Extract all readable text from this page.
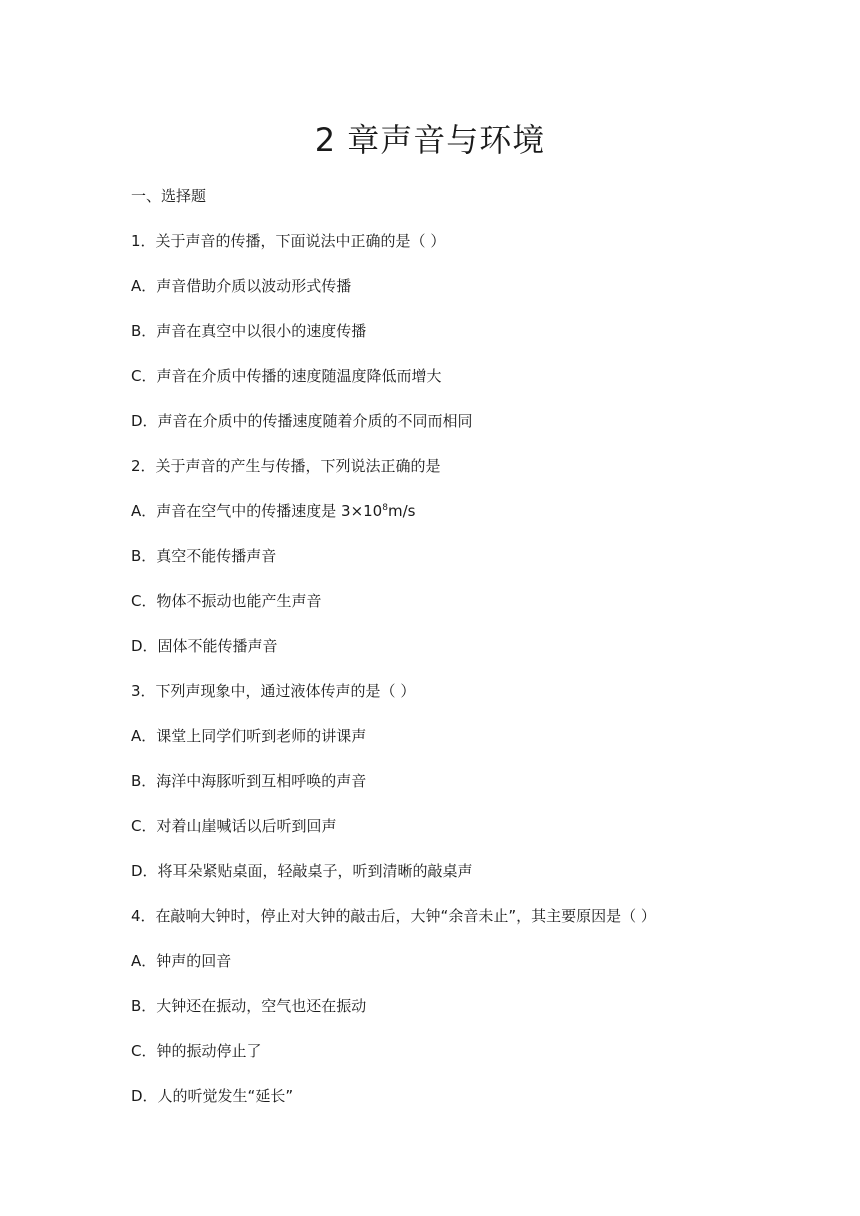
2 章声音与环境
一、选择题
1．关于声音的传播，下面说法中正确的是（ ）
A．声音借助介质以波动形式传播
B．声音在真空中以很小的速度传播
C．声音在介质中传播的速度随温度降低而增大
D．声音在介质中的传播速度随着介质的不同而相同
2．关于声音的产生与传播，下列说法正确的是
A．声音在空气中的传播速度是 $3\times 10^8m/s$
B．真空不能传播声音
C．物体不振动也能产生声音
D．固体不能传播声音
3．下列声现象中，通过液体传声的是（ ）
A．课堂上同学们听到老师的讲课声
B．海洋中海豚听到互相呼唤的声音
C．对着山崖喊话以后听到回声
D．将耳朵紧贴桌面，轻敲桌子，听到清晰的敲桌声
4．在敲响大钟时，停止对大钟的敲击后，大钟“余音未止”，其主要原因是（ ）
A．钟声的回音
B．大钟还在振动，空气也还在振动
C．钟的振动停止了
D．人的听觉发生“延长”
